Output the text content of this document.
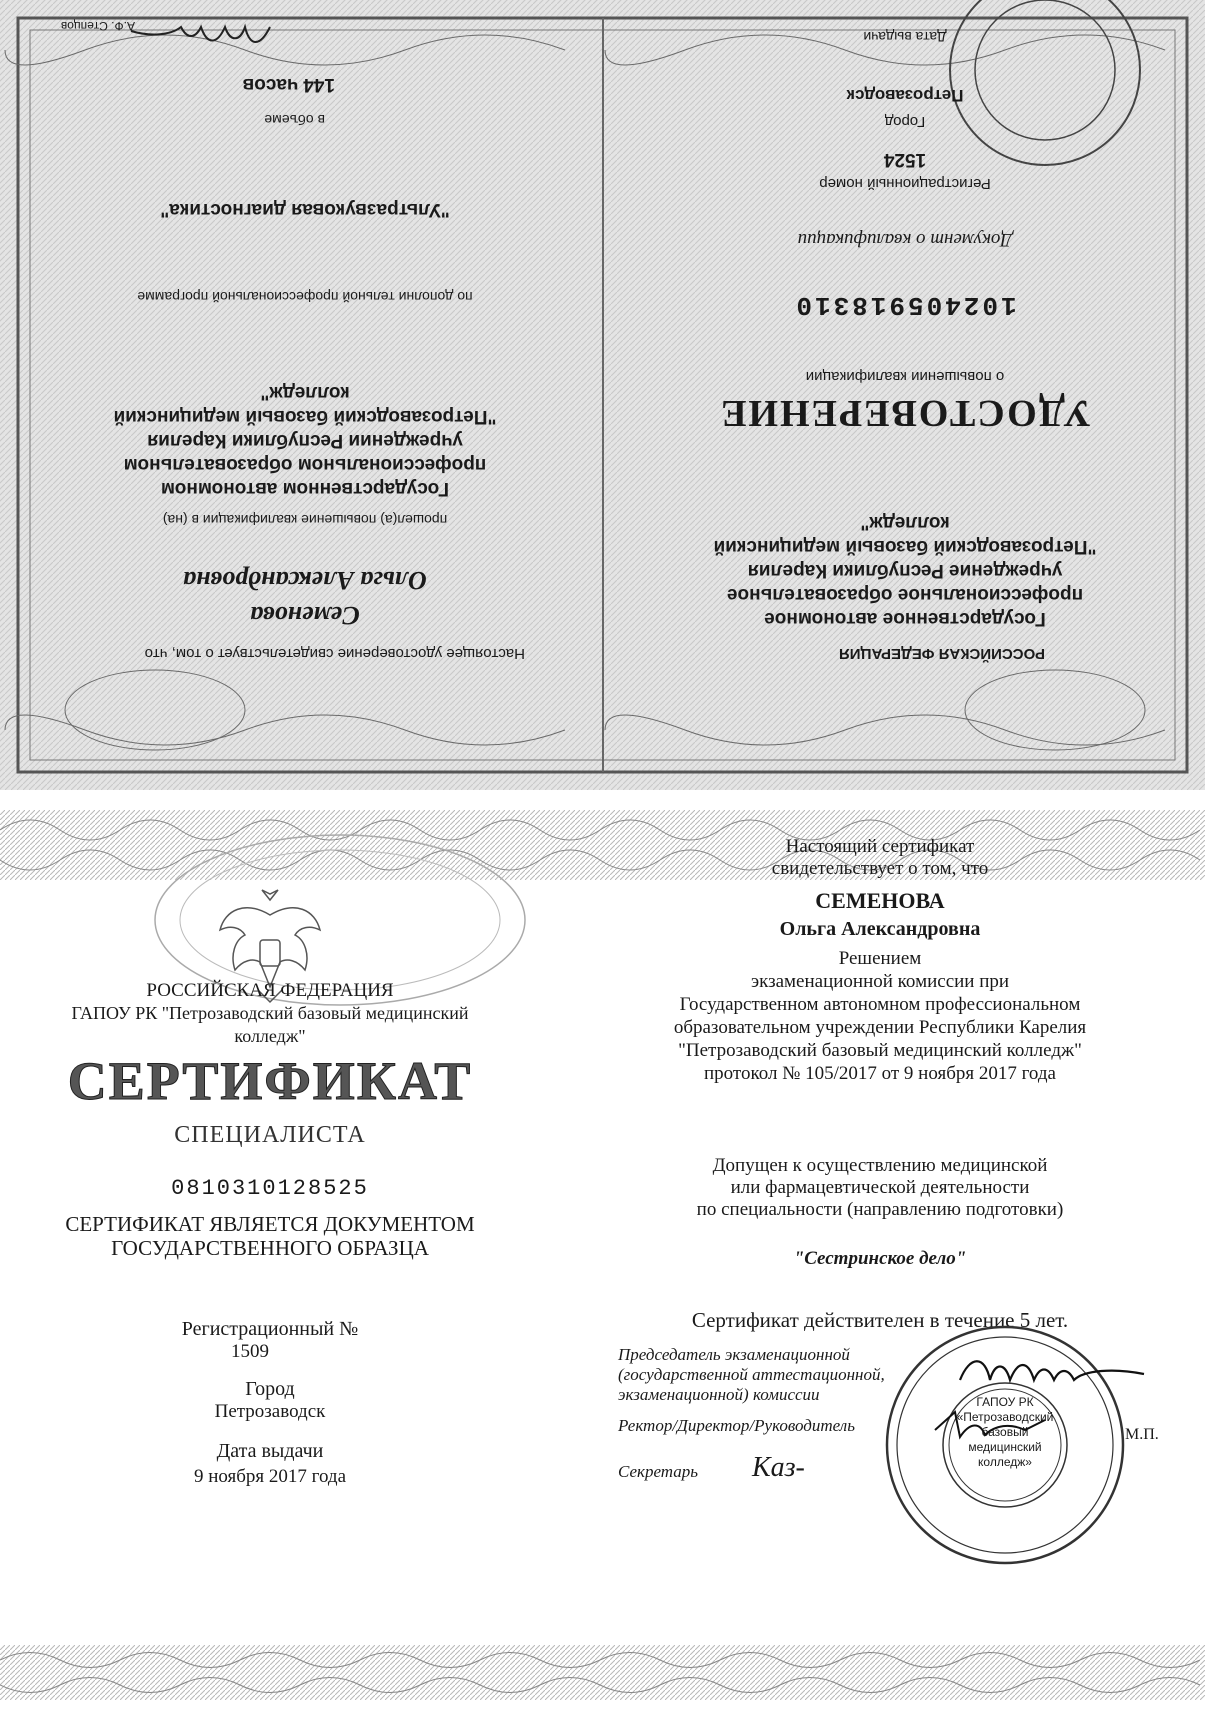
РОССИЙСКАЯ ФЕДЕРАЦИЯ
Государственное автономное
профессиональное образовательное
учреждение Республики Карелия
"Петрозаводский базовый медицинский
колледж"
УДОСТОВЕРЕНИЕ
о повышении квалификации
102405918310
Документ о квалификации
Регистрационный номер
1524
Город
Петрозаводск
Дата выдачи
Настоящее удостоверение свидетельствует о том, что
Семенова
Ольга Александровна
прошел(а) повышение квалификации в (на)
Государственном автономном
профессиональном образовательном
учреждении Республики Карелия
"Петрозаводский базовый медицинский
колледж"
по дополни тельной профессиональной программе
"Ультразвуковая диагностика"
в объеме
144 часов
А.Ф. Степцов
РОССИЙСКАЯ ФЕДЕРАЦИЯ
ГАПОУ РК "Петрозаводский базовый медицинский
колледж"
СЕРТИФИКАТ
СПЕЦИАЛИСТА
0810310128525
СЕРТИФИКАТ ЯВЛЯЕТСЯ ДОКУМЕНТОМ
ГОСУДАРСТВЕННОГО ОБРАЗЦА
Регистрационный №
1509
Город
Петрозаводск
Дата выдачи
9 ноября 2017 года
Настоящий сертификат
свидетельствует о том, что
СЕМЕНОВА
Ольга Александровна
Решением
экзаменационной комиссии при
Государственном автономном профессиональном
образовательном учреждении Республики Карелия
"Петрозаводский базовый медицинский колледж"
протокол № 105/2017 от 9 ноября 2017 года
Допущен к осуществлению медицинской
или фармацевтической деятельности
по специальности (направлению подготовки)
"Сестринское дело"
Сертификат действителен в течение 5 лет.
Председатель экзаменационной
(государственной аттестационной,
экзаменационной) комиссии
Ректор/Директор/Руководитель	М.П.
Секретарь Каз-
ГАПОУ РК
«Петрозаводский
базовый
медицинский
колледж»
